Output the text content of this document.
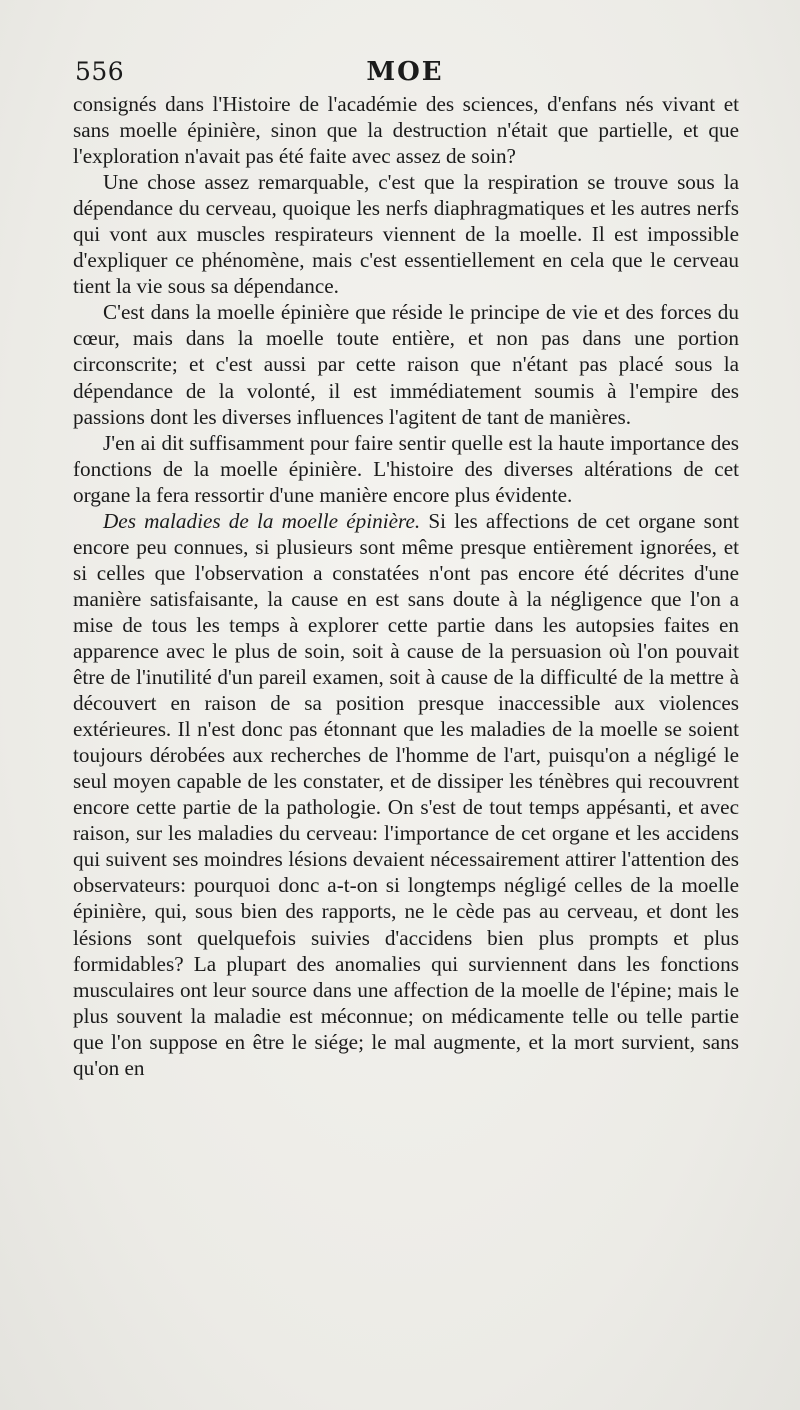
556	MOE

consignés dans l'Histoire de l'académie des sciences, d'enfans nés vivant et sans moelle épinière, sinon que la destruction n'était que partielle, et que l'exploration n'avait pas été faite avec assez de soin?

Une chose assez remarquable, c'est que la respiration se trouve sous la dépendance du cerveau, quoique les nerfs diaphragmatiques et les autres nerfs qui vont aux muscles respirateurs viennent de la moelle. Il est impossible d'expliquer ce phénomène, mais c'est essentiellement en cela que le cerveau tient la vie sous sa dépendance.

C'est dans la moelle épinière que réside le principe de vie et des forces du cœur, mais dans la moelle toute entière, et non pas dans une portion circonscrite; et c'est aussi par cette raison que n'étant pas placé sous la dépendance de la volonté, il est immédiatement soumis à l'empire des passions dont les diverses influences l'agitent de tant de manières.

J'en ai dit suffisamment pour faire sentir quelle est la haute importance des fonctions de la moelle épinière. L'histoire des diverses altérations de cet organe la fera ressortir d'une manière encore plus évidente.

Des maladies de la moelle épinière. Si les affections de cet organe sont encore peu connues, si plusieurs sont même presque entièrement ignorées, et si celles que l'observation a constatées n'ont pas encore été décrites d'une manière satisfaisante, la cause en est sans doute à la négligence que l'on a mise de tous les temps à explorer cette partie dans les autopsies faites en apparence avec le plus de soin, soit à cause de la persuasion où l'on pouvait être de l'inutilité d'un pareil examen, soit à cause de la difficulté de la mettre à découvert en raison de sa position presque inaccessible aux violences extérieures. Il n'est donc pas étonnant que les maladies de la moelle se soient toujours dérobées aux recherches de l'homme de l'art, puisqu'on a négligé le seul moyen capable de les constater, et de dissiper les ténèbres qui recouvrent encore cette partie de la pathologie. On s'est de tout temps appésanti, et avec raison, sur les maladies du cerveau: l'importance de cet organe et les accidens qui suivent ses moindres lésions devaient nécessairement attirer l'attention des observateurs: pourquoi donc a-t-on si longtemps négligé celles de la moelle épinière, qui, sous bien des rapports, ne le cède pas au cerveau, et dont les lésions sont quelquefois suivies d'accidens bien plus prompts et plus formidables? La plupart des anomalies qui surviennent dans les fonctions musculaires ont leur source dans une affection de la moelle de l'épine; mais le plus souvent la maladie est méconnue; on médicamente telle ou telle partie que l'on suppose en être le siége; le mal augmente, et la mort survient, sans qu'on en
